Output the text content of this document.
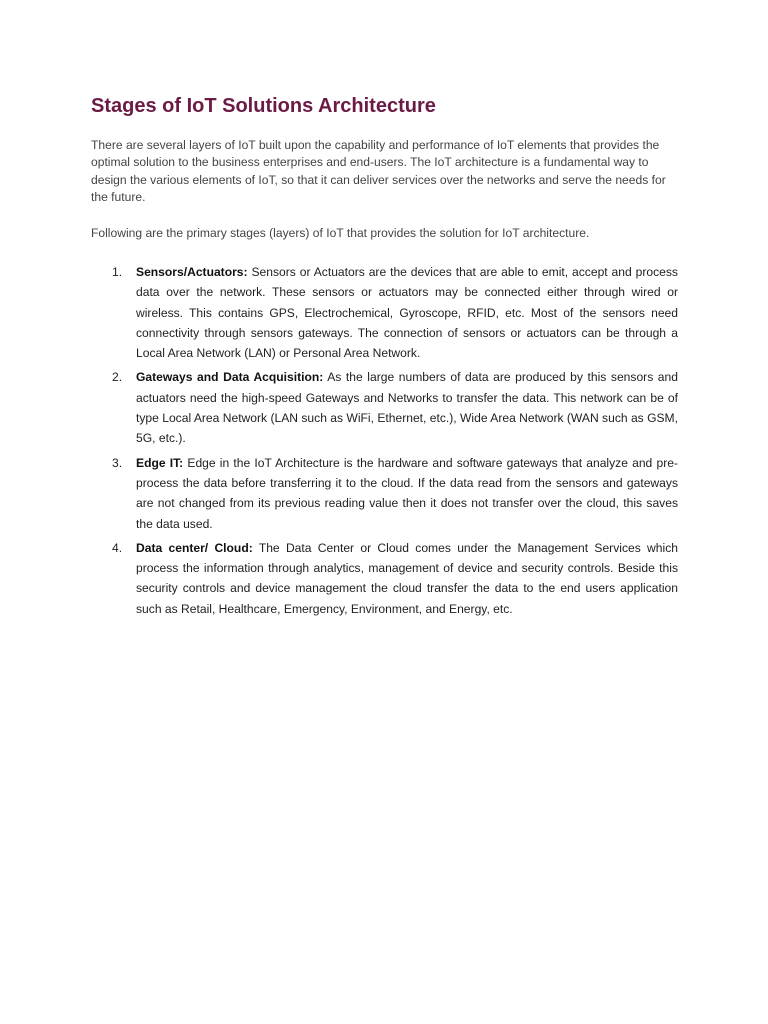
Stages of IoT Solutions Architecture

There are several layers of IoT built upon the capability and performance of IoT elements that provides the optimal solution to the business enterprises and end-users. The IoT architecture is a fundamental way to design the various elements of IoT, so that it can deliver services over the networks and serve the needs for the future.

Following are the primary stages (layers) of IoT that provides the solution for IoT architecture.

1. Sensors/Actuators: Sensors or Actuators are the devices that are able to emit, accept and process data over the network. These sensors or actuators may be connected either through wired or wireless. This contains GPS, Electrochemical, Gyroscope, RFID, etc. Most of the sensors need connectivity through sensors gateways. The connection of sensors or actuators can be through a Local Area Network (LAN) or Personal Area Network.
2. Gateways and Data Acquisition: As the large numbers of data are produced by this sensors and actuators need the high-speed Gateways and Networks to transfer the data. This network can be of type Local Area Network (LAN such as WiFi, Ethernet, etc.), Wide Area Network (WAN such as GSM, 5G, etc.).
3. Edge IT: Edge in the IoT Architecture is the hardware and software gateways that analyze and pre-process the data before transferring it to the cloud. If the data read from the sensors and gateways are not changed from its previous reading value then it does not transfer over the cloud, this saves the data used.
4. Data center/ Cloud: The Data Center or Cloud comes under the Management Services which process the information through analytics, management of device and security controls. Beside this security controls and device management the cloud transfer the data to the end users application such as Retail, Healthcare, Emergency, Environment, and Energy, etc.
